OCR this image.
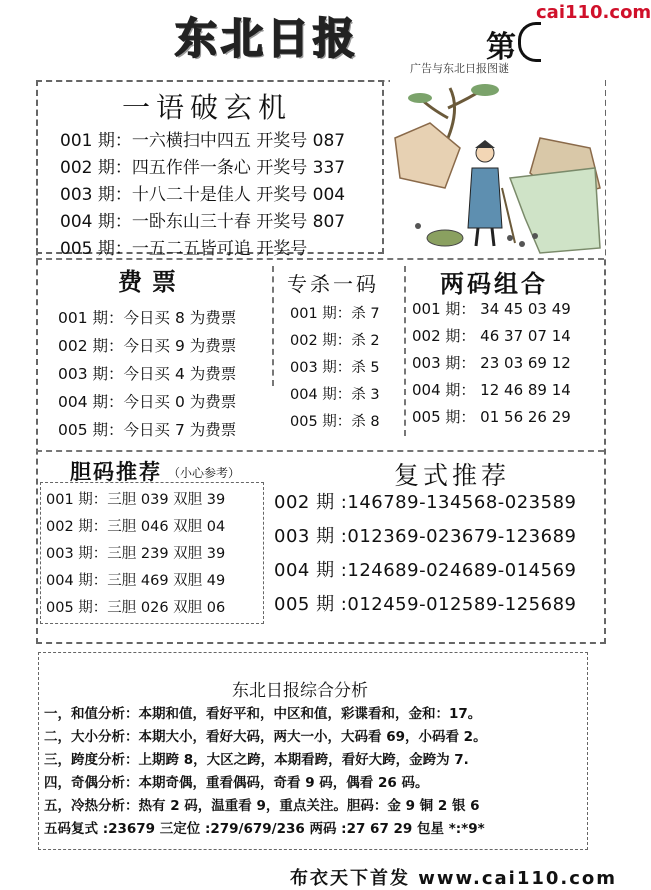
东北日报	第
cai110.com
广告与东北日报图谜
一语破玄机
001 期：一六横扫中四五 开奖号 087
002 期：四五作伴一条心 开奖号 337
003 期：十八二十是佳人 开奖号 004
004 期：一卧东山三十春 开奖号 807
005 期：一五二五皆可追 开奖号
费票
001 期：今日买 8 为费票
002 期：今日买 9 为费票
003 期：今日买 4 为费票
004 期：今日买 0 为费票
005 期：今日买 7 为费票
专杀一码
001 期：杀 7
002 期：杀 2
003 期：杀 5
004 期：杀 3
005 期：杀 8
两码组合
001 期： 34 45 03 49
002 期： 46 37 07 14
003 期： 23 03 69 12
004 期： 12 46 89 14
005 期： 01 56 26 29
胆码推荐 （小心参考）
001 期：三胆 039 双胆 39
002 期：三胆 046 双胆 04
003 期：三胆 239 双胆 39
004 期：三胆 469 双胆 49
005 期：三胆 026 双胆 06
复式推荐
002 期 :146789-134568-023589
003 期 :012369-023679-123689
004 期 :124689-024689-014569
005 期 :012459-012589-125689
东北日报综合分析
一，和值分析：本期和值，看好平和，中区和值，彩谍看和，金和：17。
二，大小分析：本期大小，看好大码，两大一小，大码看 69，小码看 2。
三，跨度分析：上期跨 8，大区之跨，本期看跨，看好大跨，金跨为 7.
四，奇偶分析：本期奇偶，重看偶码，奇看 9 码，偶看 26 码。
五，冷热分析：热有 2 码，温重看 9，重点关注。胆码：金 9 铜 2 银 6
五码复式 :23679 三定位 :279/679/236 两码 :27 67 29 包星 *:*9*
布衣天下首发 www.cai110.com
